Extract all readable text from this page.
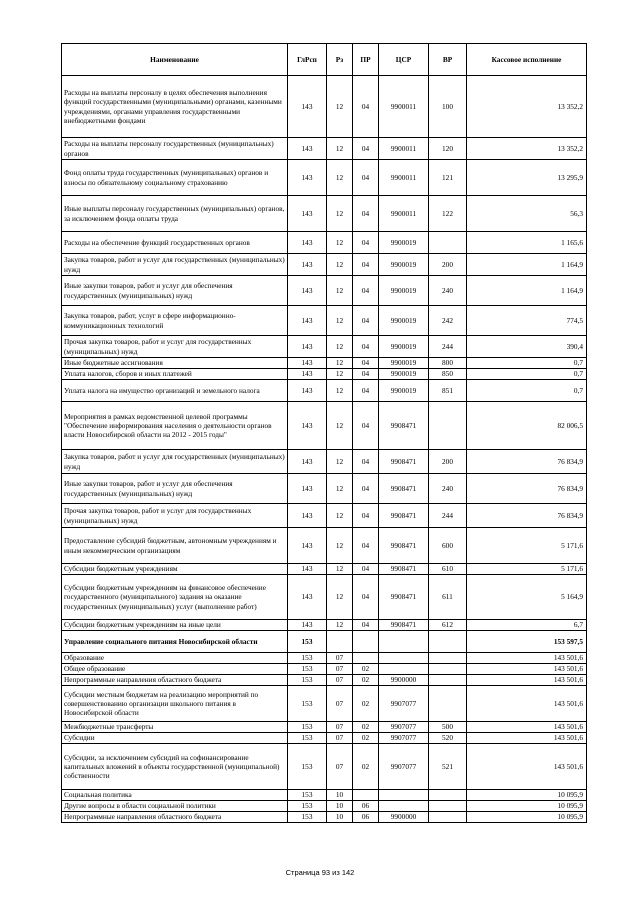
Наименование	ГлРсп	Рз	ПР	ЦСР	ВР	Кассовое исполнение
Расходы на выплаты персоналу в целях обеспечения выполнения функций государственными (муниципальными) органами, казенными учреждениями, органами управления государственными внебюджетными фондами	143	12	04	9900011	100	13 352,2
Расходы на выплаты персоналу государственных (муниципальных) органов	143	12	04	9900011	120	13 352,2
Фонд оплаты труда государственных (муниципальных) органов и взносы по обязательному социальному страхованию	143	12	04	9900011	121	13 295,9
Иные выплаты персоналу государственных (муниципальных) органов, за исключением фонда оплаты труда	143	12	04	9900011	122	56,3
Расходы на обеспечение функций государственных органов	143	12	04	9900019		1 165,6
Закупка товаров, работ и услуг для государственных (муниципальных) нужд	143	12	04	9900019	200	1 164,9
Иные закупки товаров, работ и услуг для обеспечения государственных (муниципальных) нужд	143	12	04	9900019	240	1 164,9
Закупка товаров, работ, услуг в сфере информационно-коммуникационных технологий	143	12	04	9900019	242	774,5
Прочая закупка товаров, работ и услуг для государственных (муниципальных) нужд	143	12	04	9900019	244	390,4
Иные бюджетные ассигнования	143	12	04	9900019	800	0,7
Уплата налогов, сборов и иных платежей	143	12	04	9900019	850	0,7
Уплата налога на имущество организаций и земельного налога	143	12	04	9900019	851	0,7
Мероприятия в рамках ведомственной целевой программы "Обеспечение информирования населения о деятельности органов власти Новосибирской области на 2012 - 2015 годы"	143	12	04	9908471		82 006,5
Закупка товаров, работ и услуг для государственных (муниципальных) нужд	143	12	04	9908471	200	76 834,9
Иные закупки товаров, работ и услуг для обеспечения государственных (муниципальных) нужд	143	12	04	9908471	240	76 834,9
Прочая закупка товаров, работ и услуг для государственных (муниципальных) нужд	143	12	04	9908471	244	76 834,9
Предоставление субсидий бюджетным, автономным учреждениям и иным некоммерческим организациям	143	12	04	9908471	600	5 171,6
Субсидии бюджетным учреждениям	143	12	04	9908471	610	5 171,6
Субсидии бюджетным учреждениям на финансовое обеспечение государственного (муниципального) задания на оказание государственных (муниципальных) услуг (выполнение работ)	143	12	04	9908471	611	5 164,9
Субсидии бюджетным учреждениям на иные цели	143	12	04	9908471	612	6,7
Управление социального питания Новосибирской области	153					153 597,5
Образование	153	07				143 501,6
Общее образование	153	07	02			143 501,6
Непрограммные направления областного бюджета	153	07	02	9900000		143 501,6
Субсидии местным бюджетам на реализацию мероприятий по совершенствованию организации школьного питания в Новосибирской области	153	07	02	9907077		143 501,6
Межбюджетные трансферты	153	07	02	9907077	500	143 501,6
Субсидии	153	07	02	9907077	520	143 501,6
Субсидии, за исключением субсидий на софинансирование капитальных вложений в объекты государственной (муниципальной) собственности	153	07	02	9907077	521	143 501,6
Социальная политика	153	10				10 095,9
Другие вопросы в области социальной политики	153	10	06			10 095,9
Непрограммные направления областного бюджета	153	10	06	9900000		10 095,9
Страница 93 из 142
